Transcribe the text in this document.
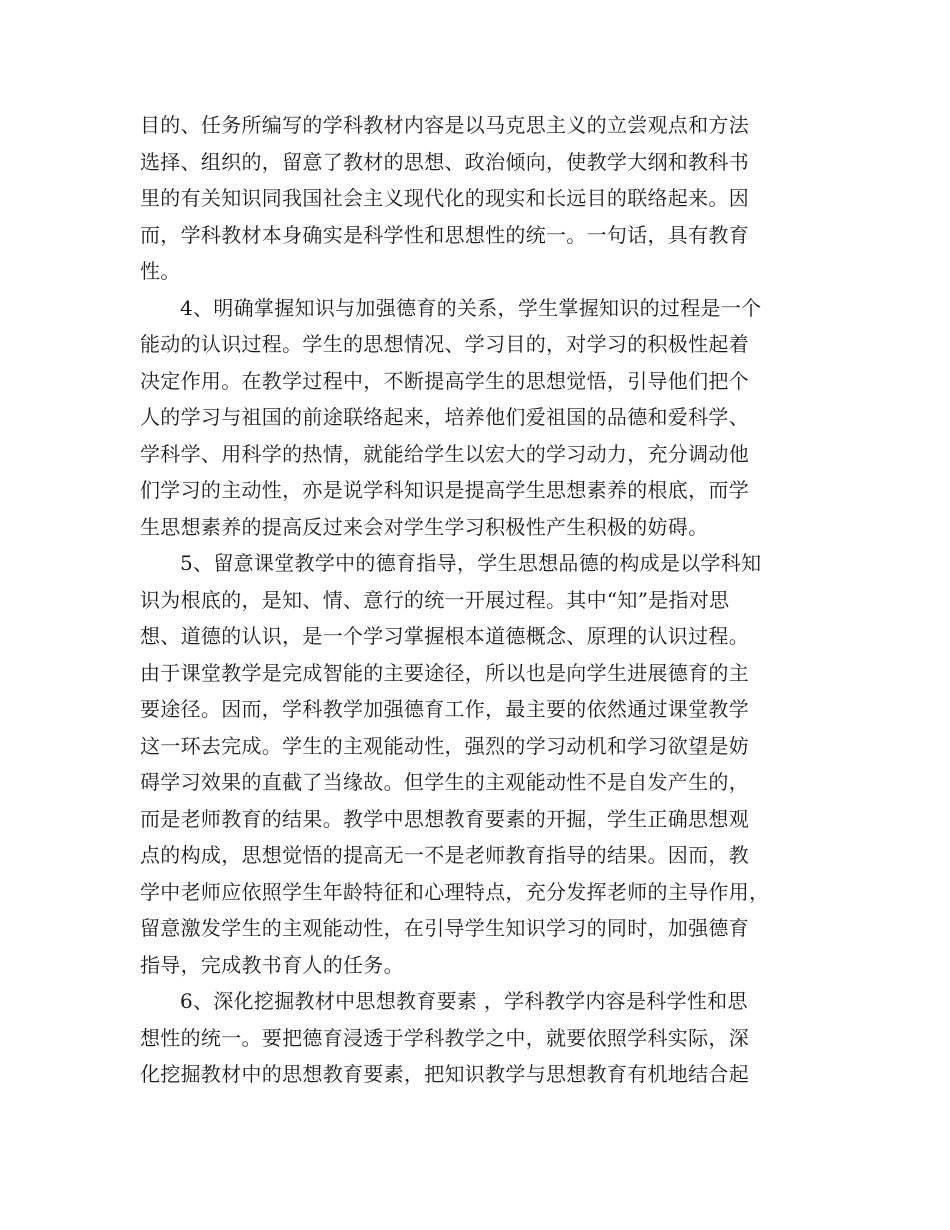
目的、任务所编写的学科教材内容是以马克思主义的立尝观点和方法
选择、组织的，留意了教材的思想、政治倾向，使教学大纲和教科书
里的有关知识同我国社会主义现代化的现实和长远目的联络起来。因
而，学科教材本身确实是科学性和思想性的统一。一句话，具有教育
性。
4、明确掌握知识与加强德育的关系，学生掌握知识的过程是一个
能动的认识过程。学生的思想情况、学习目的，对学习的积极性起着
决定作用。在教学过程中，不断提高学生的思想觉悟，引导他们把个
人的学习与祖国的前途联络起来，培养他们爱祖国的品德和爱科学、
学科学、用科学的热情，就能给学生以宏大的学习动力，充分调动他
们学习的主动性，亦是说学科知识是提高学生思想素养的根底，而学
生思想素养的提高反过来会对学生学习积极性产生积极的妨碍。
5、留意课堂教学中的德育指导，学生思想品德的构成是以学科知
识为根底的，是知、情、意行的统一开展过程。其中“知”是指对思
想、道德的认识，是一个学习掌握根本道德概念、原理的认识过程。
由于课堂教学是完成智能的主要途径，所以也是向学生进展德育的主
要途径。因而，学科教学加强德育工作，最主要的依然通过课堂教学
这一环去完成。学生的主观能动性，强烈的学习动机和学习欲望是妨
碍学习效果的直截了当缘故。但学生的主观能动性不是自发产生的，
而是老师教育的结果。教学中思想教育要素的开掘，学生正确思想观
点的构成，思想觉悟的提高无一不是老师教育指导的结果。因而，教
学中老师应依照学生年龄特征和心理特点，充分发挥老师的主导作用，
留意激发学生的主观能动性，在引导学生知识学习的同时，加强德育
指导，完成教书育人的任务。
6、深化挖掘教材中思想教育要素 ，学科教学内容是科学性和思
想性的统一。要把德育浸透于学科教学之中，就要依照学科实际，深
化挖掘教材中的思想教育要素，把知识教学与思想教育有机地结合起
